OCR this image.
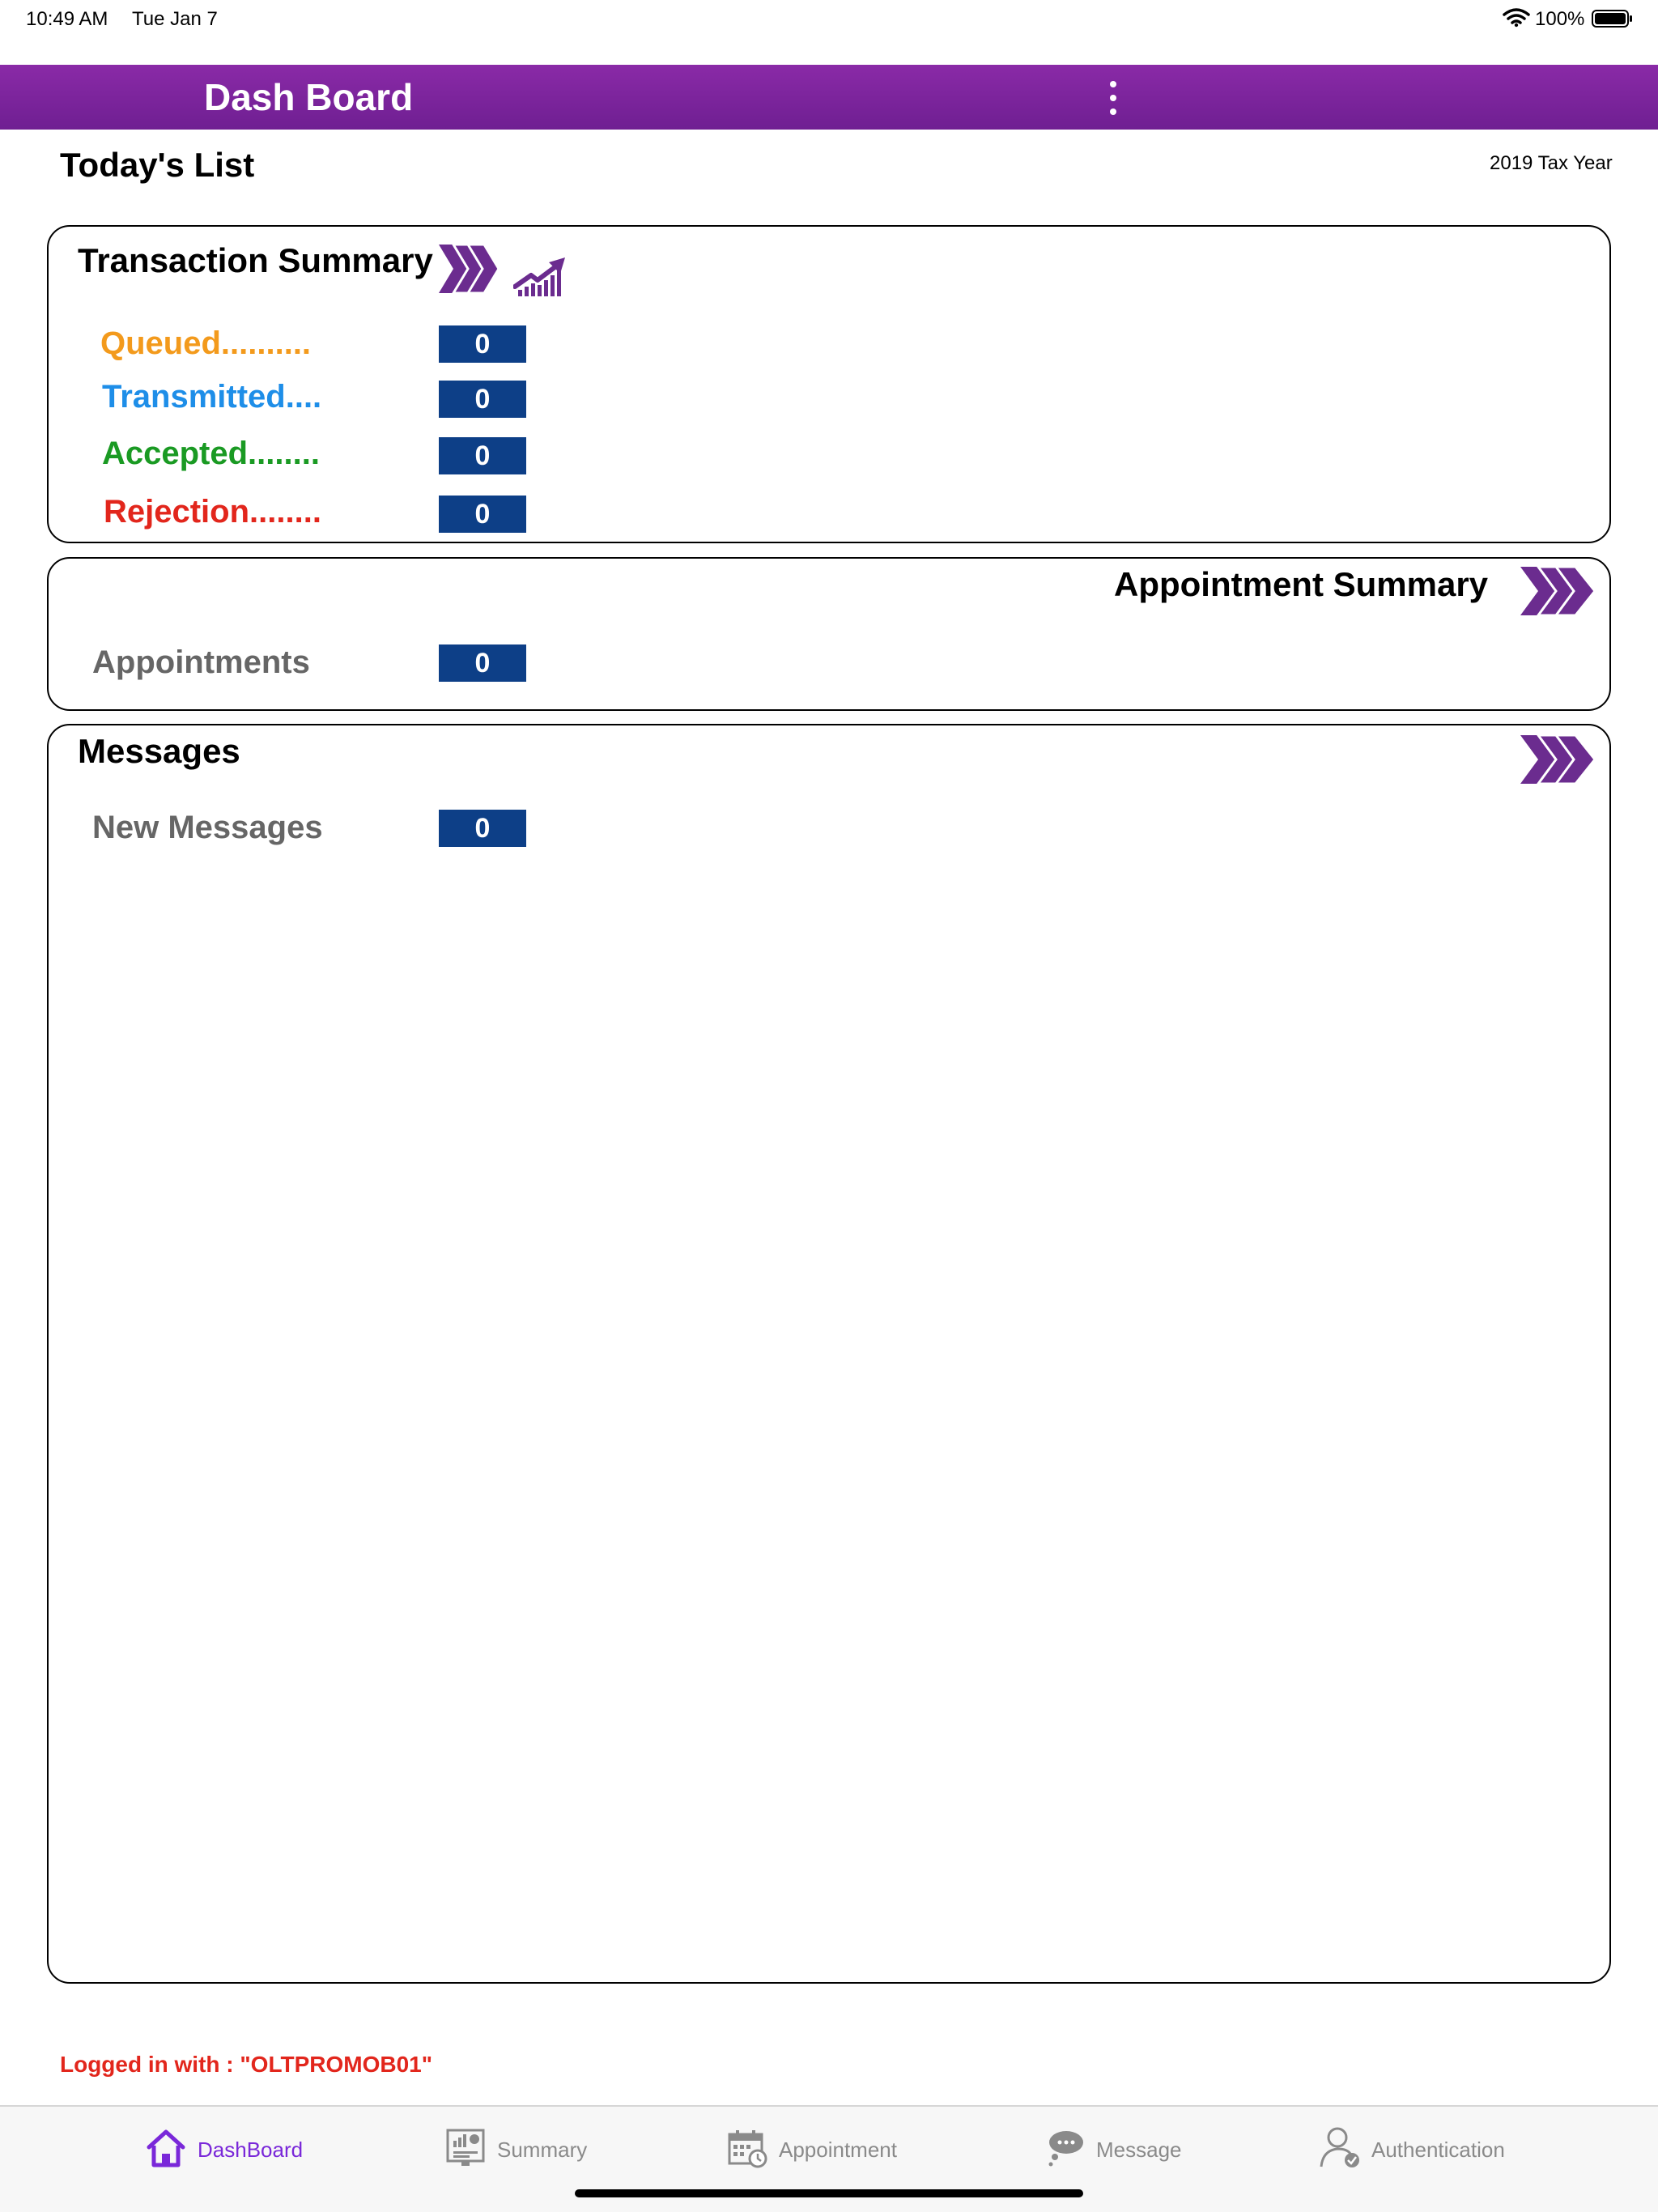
10:49 AM Tue Jan 7	100%
Dash Board
Today's List	2019 Tax Year
Transaction Summary
Queued..........	0
Transmitted....	0
Accepted........	0
Rejection........	0
Appointment Summary
Appointments	0
Messages
New Messages	0
Logged in with : "OLTPROMOB01"
DashBoard	Summary	Appointment	Message	Authentication
